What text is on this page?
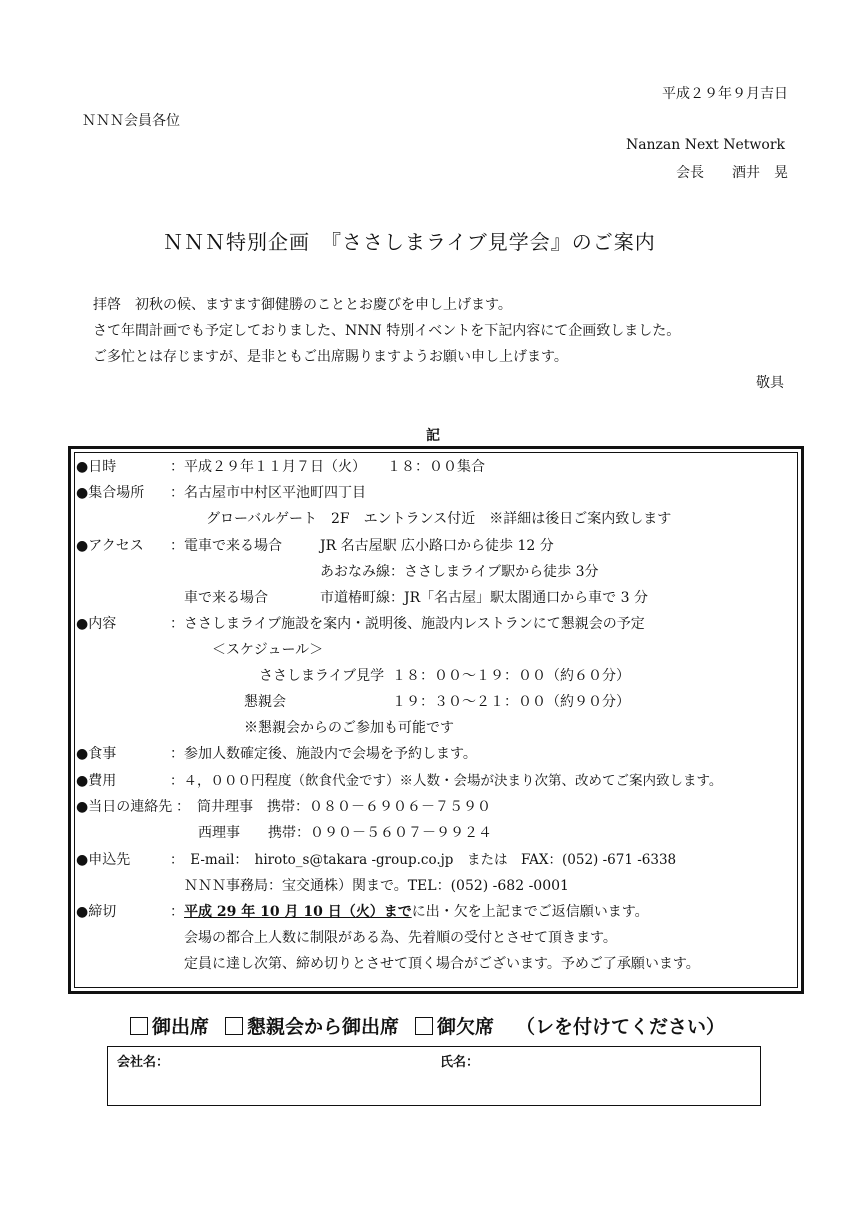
平成２９年９月吉日
ＮＮＮ会員各位
Nanzan Next Network
会長　　酒井　晃
ＮＮＮ特別企画　『ささしまライブ見学会』のご案内
拝啓　初秋の候、ますます御健勝のこととお慶びを申し上げます。
さて年間計画でも予定しておりました、NNN 特別イベントを下記内容にて企画致しました。
ご多忙とは存じますが、是非ともご出席賜りますようお願い申し上げます。
敬具
記
●日時	：平成２９年１１月７日（火）　　１８：００集合
●集合場所 ：名古屋市中村区平池町四丁目
グローバルゲート　2F　エントランス付近　※詳細は後日ご案内致します
●アクセス ：電車で来る場合	JR 名古屋駅 広小路口から徒歩 12 分
あおなみ線：ささしまライブ駅から徒歩 3分
車で来る場合	市道椿町線：JR「名古屋」駅太閤通口から車で 3 分
●内容	：ささしまライブ施設を案内・説明後、施設内レストランにて懇親会の予定
＜スケジュール＞
ささしまライブ見学 １８：００～１９：００（約６０分）
懇親会	１９：３０～２１：００（約９０分）
※懇親会からのご参加も可能です
●食事	：参加人数確定後、施設内で会場を予約します。
●費用	：４，０００円程度（飲食代金です）※人数・会場が決まり次第、改めてご案内致します。
●当日の連絡先 ：　筒井理事　携帯：０８０－６９０６－７５９０
西理事　　携帯：０９０－５６０７－９９２４
●申込先	：　E-mail：　hiroto_s@takara -group.co.jp　または　FAX：(052) -671 -6338
ＮＮＮ事務局：宝交通株）関まで。TEL：(052) -682 -0001
●締切	：平成 29 年 10 月 10 日（火）までに出・欠を上記までご返信願います。
会場の都合上人数に制限がある為、先着順の受付とさせて頂きます。
定員に達し次第、締め切りとさせて頂く場合がございます。予めご了承願います。
御出席 懇親会から御出席 御欠席 （レを付けてください）
会社名：	氏名：
